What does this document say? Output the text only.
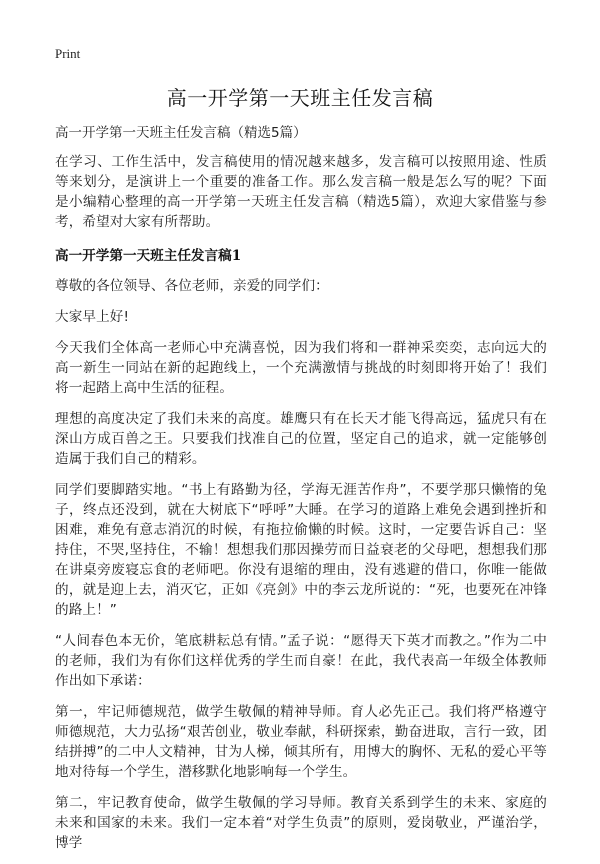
Print
高一开学第一天班主任发言稿

高一开学第一天班主任发言稿（精选5篇）

在学习、工作生活中，发言稿使用的情况越来越多，发言稿可以按照用途、性质等来划分，是演讲上一个重要的准备工作。那么发言稿一般是怎么写的呢？下面是小编精心整理的高一开学第一天班主任发言稿（精选5篇），欢迎大家借鉴与参考，希望对大家有所帮助。

高一开学第一天班主任发言稿1

尊敬的各位领导、各位老师，亲爱的同学们：

大家早上好!

今天我们全体高一老师心中充满喜悦，因为我们将和一群神采奕奕，志向远大的高一新生一同站在新的起跑线上，一个充满激情与挑战的时刻即将开始了！我们将一起踏上高中生活的征程。

理想的高度决定了我们未来的高度。雄鹰只有在长天才能飞得高远，猛虎只有在深山方成百兽之王。只要我们找准自己的位置，坚定自己的追求，就一定能够创造属于我们自己的精彩。

同学们要脚踏实地。“书上有路勤为径，学海无涯苦作舟”，不要学那只懒惰的兔子，终点还没到，就在大树底下“呼呼”大睡。在学习的道路上难免会遇到挫折和困难，难免有意志消沉的时候，有拖拉偷懒的时候。这时，一定要告诉自己：坚持住，不哭,坚持住，不输！想想我们那因操劳而日益衰老的父母吧，想想我们那在讲桌旁废寝忘食的老师吧。你没有退缩的理由，没有逃避的借口，你唯一能做的，就是迎上去，消灭它，正如《亮剑》中的李云龙所说的：“死，也要死在冲锋的路上！”

“人间春色本无价，笔底耕耘总有情。”孟子说：“愿得天下英才而教之。”作为二中的老师，我们为有你们这样优秀的学生而自豪！在此，我代表高一年级全体教师作出如下承诺：

第一，牢记师德规范，做学生敬佩的精神导师。育人必先正己。我们将严格遵守师德规范，大力弘扬“艰苦创业，敬业奉献，科研探索，勤奋进取，言行一致，团结拼搏”的二中人文精神，甘为人梯，倾其所有，用博大的胸怀、无私的爱心平等地对待每一个学生，潜移默化地影响每一个学生。

第二，牢记教育使命，做学生敬佩的学习导师。教育关系到学生的未来、家庭的未来和国家的未来。我们一定本着“对学生负责”的原则，爱岗敬业，严谨治学，博学
